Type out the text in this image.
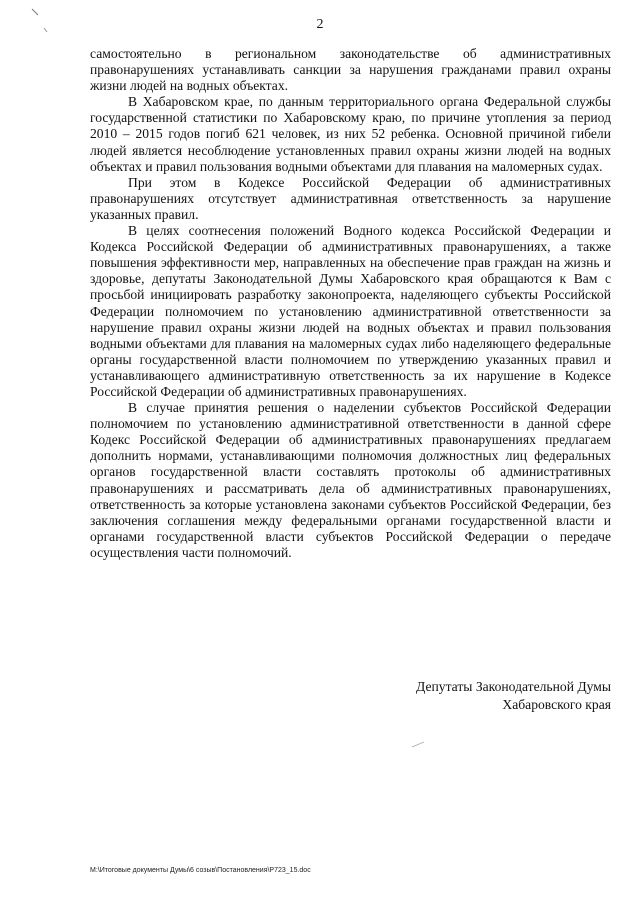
2

самостоятельно в региональном законодательстве об административных правонарушениях устанавливать санкции за нарушения гражданами правил охраны жизни людей на водных объектах.

В Хабаровском крае, по данным территориального органа Федеральной службы государственной статистики по Хабаровскому краю, по причине утопления за период 2010 – 2015 годов погиб 621 человек, из них 52 ребенка. Основной причиной гибели людей является несоблюдение установленных правил охраны жизни людей на водных объектах и правил пользования водными объектами для плавания на маломерных судах.

При этом в Кодексе Российской Федерации об административных правонарушениях отсутствует административная ответственность за нарушение указанных правил.

В целях соотнесения положений Водного кодекса Российской Федерации и Кодекса Российской Федерации об административных правонарушениях, а также повышения эффективности мер, направленных на обеспечение прав граждан на жизнь и здоровье, депутаты Законодательной Думы Хабаровского края обращаются к Вам с просьбой инициировать разработку законопроекта, наделяющего субъекты Российской Федерации полномочием по установлению административной ответственности за нарушение правил охраны жизни людей на водных объектах и правил пользования водными объектами для плавания на маломерных судах либо наделяющего федеральные органы государственной власти полномочием по утверждению указанных правил и устанавливающего административную ответственность за их нарушение в Кодексе Российской Федерации об административных правонарушениях.

В случае принятия решения о наделении субъектов Российской Федерации полномочием по установлению административной ответственности в данной сфере Кодекс Российской Федерации об административных правонарушениях предлагаем дополнить нормами, устанавливающими полномочия должностных лиц федеральных органов государственной власти составлять протоколы об административных правонарушениях и рассматривать дела об административных правонарушениях, ответственность за которые установлена законами субъектов Российской Федерации, без заключения соглашения между федеральными органами государственной власти и органами государственной власти субъектов Российской Федерации о передаче осуществления части полномочий.

Депутаты Законодательной Думы
Хабаровского края
M:\Итоговые документы Думы\6 созыв\Постановления\P723_15.doc
